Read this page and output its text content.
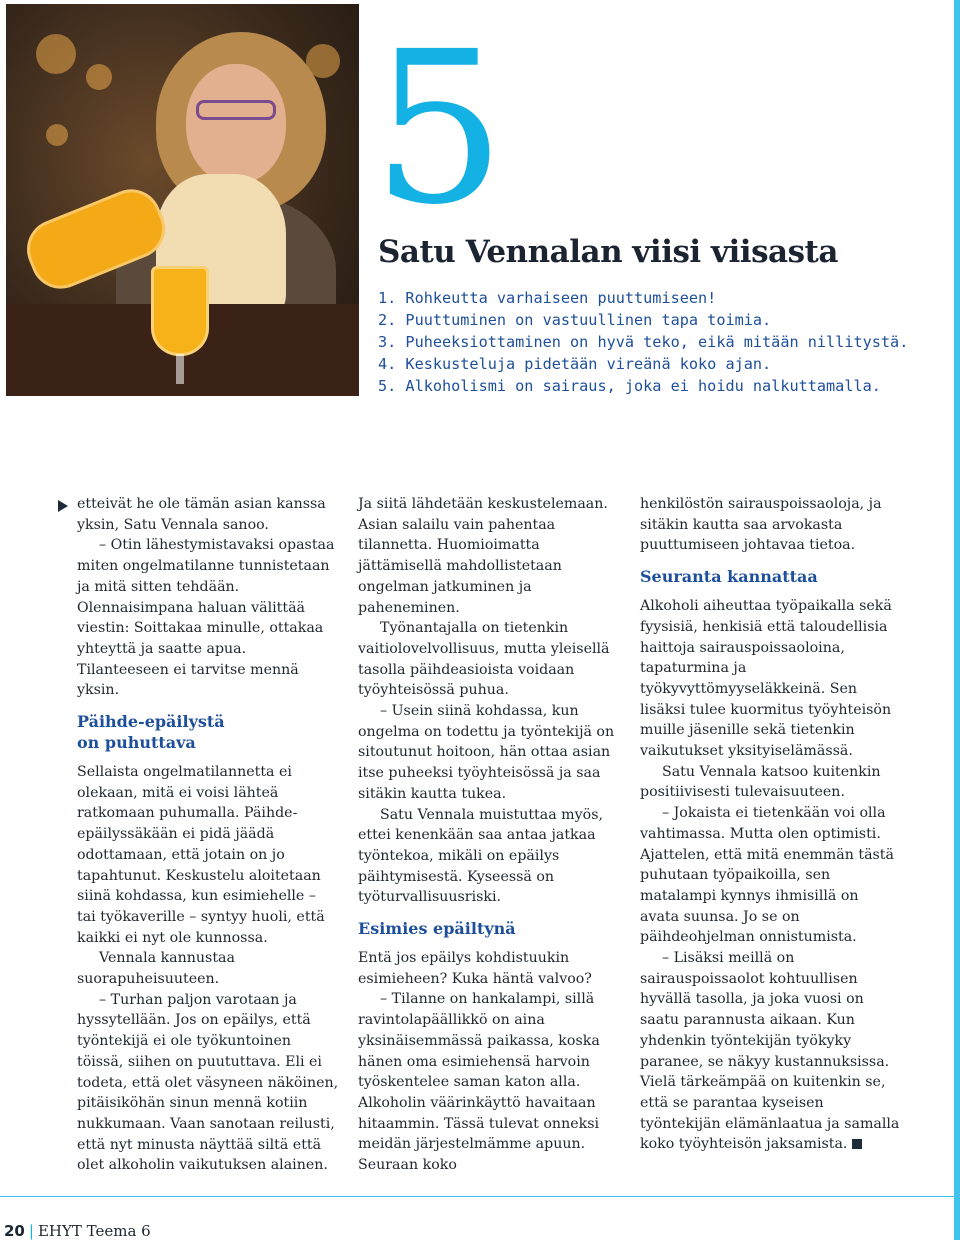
5
Satu Vennalan viisi viisasta
1. Rohkeutta varhaiseen puuttumiseen!
2. Puuttuminen on vastuullinen tapa toimia.
3. Puheeksiottaminen on hyvä teko, eikä mitään nillitystä.
4. Keskusteluja pidetään vireänä koko ajan.
5. Alkoholismi on sairaus, joka ei hoidu nalkuttamalla.

etteivät he ole tämän asian kanssa yksin, Satu Vennala sanoo.

– Otin lähestymistavaksi opastaa miten ongelmatilanne tunnistetaan ja mitä sitten tehdään. Olennaisimpana haluan välittää viestin: Soittakaa minulle, ottakaa yhteyttä ja saatte apua. Tilanteeseen ei tarvitse mennä yksin.

Päihde-epäilystä
on puhuttava

Sellaista ongelmatilannetta ei olekaan, mitä ei voisi lähteä ratkomaan puhumalla. Päihde-epäilyssäkään ei pidä jäädä odottamaan, että jotain on jo tapahtunut. Keskustelu aloitetaan siinä kohdassa, kun esimiehelle – tai työkaverille – syntyy huoli, että kaikki ei nyt ole kunnossa.

Vennala kannustaa suorapuheisuuteen.

– Turhan paljon varotaan ja hyssytellään. Jos on epäilys, että työntekijä ei ole työkuntoinen töissä, siihen on puututtava. Eli ei todeta, että olet väsyneen näköinen, pitäisiköhän sinun mennä kotiin nukkumaan. Vaan sanotaan reilusti, että nyt minusta näyttää siltä että olet alkoholin vaikutuksen alainen.

Ja siitä lähdetään keskustelemaan. Asian salailu vain pahentaa tilannetta. Huomioimatta jättämisellä mahdollistetaan ongelman jatkuminen ja paheneminen.

Työnantajalla on tietenkin vaitiolovelvollisuus, mutta yleisellä tasolla päihdeasioista voidaan työyhteisössä puhua.

– Usein siinä kohdassa, kun ongelma on todettu ja työntekijä on sitoutunut hoitoon, hän ottaa asian itse puheeksi työyhteisössä ja saa sitäkin kautta tukea.

Satu Vennala muistuttaa myös, ettei kenenkään saa antaa jatkaa työntekoa, mikäli on epäilys päihtymisestä. Kyseessä on työturvallisuusriski.

Esimies epäiltynä

Entä jos epäilys kohdistuukin esimieheen? Kuka häntä valvoo?

– Tilanne on hankalampi, sillä ravintolapäällikkö on aina yksinäisemmässä paikassa, koska hänen oma esimiehensä harvoin työskentelee saman katon alla. Alkoholin väärinkäyttö havaitaan hitaammin. Tässä tulevat onneksi meidän järjestelmämme apuun. Seuraan koko

henkilöstön sairauspoissaoloja, ja sitäkin kautta saa arvokasta puuttumiseen johtavaa tietoa.

Seuranta kannattaa

Alkoholi aiheuttaa työpaikalla sekä fyysisiä, henkisiä että taloudellisia haittoja sairauspoissaoloina, tapaturmina ja työkyvyttömyyseläkkeinä. Sen lisäksi tulee kuormitus työyhteisön muille jäsenille sekä tietenkin vaikutukset yksityiselämässä.

Satu Vennala katsoo kuitenkin positiivisesti tulevaisuuteen.

– Jokaista ei tietenkään voi olla vahtimassa. Mutta olen optimisti. Ajattelen, että mitä enemmän tästä puhutaan työpaikoilla, sen matalampi kynnys ihmisillä on avata suunsa. Jo se on päihdeohjelman onnistumista.

– Lisäksi meillä on sairauspoissaolot kohtuullisen hyvällä tasolla, ja joka vuosi on saatu parannusta aikaan. Kun yhdenkin työntekijän työkyky paranee, se näkyy kustannuksissa. Vielä tärkeämpää on kuitenkin se, että se parantaa kyseisen työntekijän elämänlaatua ja samalla koko työyhteisön jaksamista.

20 | EHYT Teema 6
